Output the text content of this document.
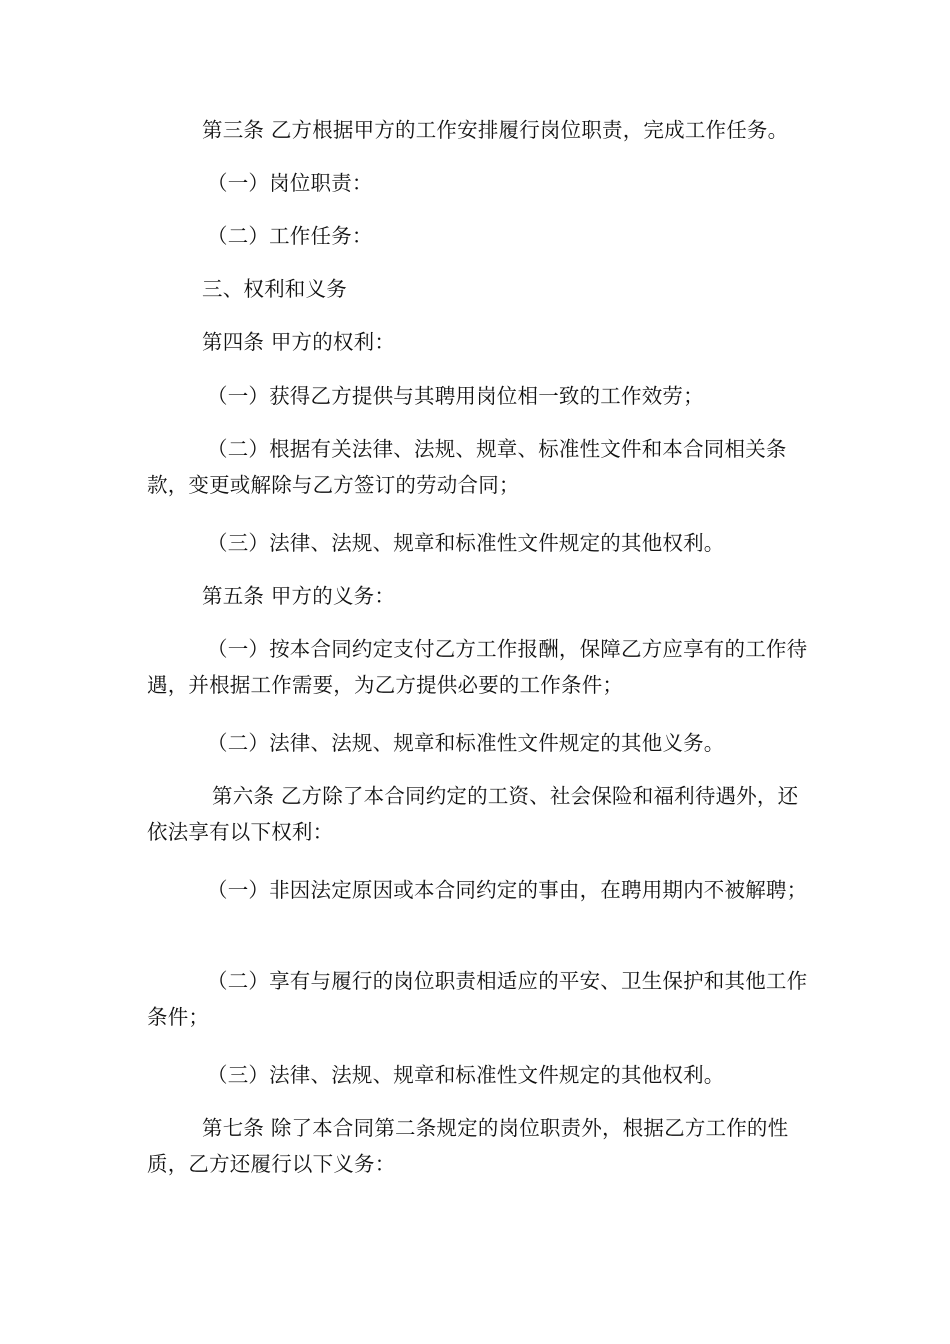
第三条 乙方根据甲方的工作安排履行岗位职责，完成工作任务。

（一）岗位职责：

（二）工作任务：

三、权利和义务

第四条 甲方的权利：

（一）获得乙方提供与其聘用岗位相一致的工作效劳；

（二）根据有关法律、法规、规章、标准性文件和本合同相关条款，变更或解除与乙方签订的劳动合同；

（三）法律、法规、规章和标准性文件规定的其他权利。

第五条 甲方的义务：

（一）按本合同约定支付乙方工作报酬，保障乙方应享有的工作待遇，并根据工作需要，为乙方提供必要的工作条件；

（二）法律、法规、规章和标准性文件规定的其他义务。

第六条 乙方除了本合同约定的工资、社会保险和福利待遇外，还依法享有以下权利：

（一）非因法定原因或本合同约定的事由，在聘用期内不被解聘；

（二）享有与履行的岗位职责相适应的平安、卫生保护和其他工作条件；

（三）法律、法规、规章和标准性文件规定的其他权利。

第七条 除了本合同第二条规定的岗位职责外，根据乙方工作的性质，乙方还履行以下义务：
